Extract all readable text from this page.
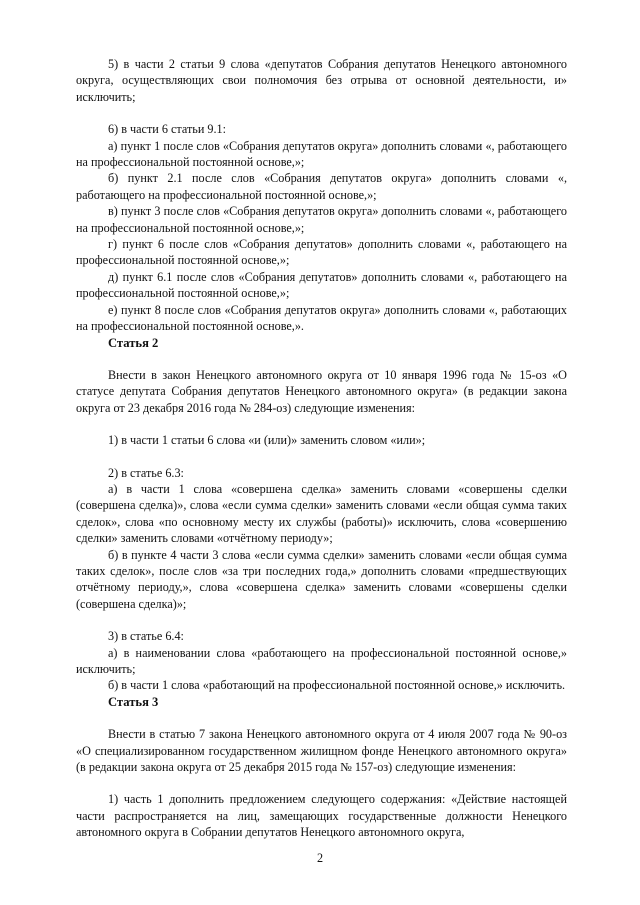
5) в части 2 статьи 9 слова «депутатов Собрания депутатов Ненецкого автономного округа, осуществляющих свои полномочия без отрыва от основной деятельности, и» исключить;

6) в части 6 статьи 9.1:

а) пункт 1 после слов «Собрания депутатов округа» дополнить словами «, работающего на профессиональной постоянной основе,»;

б) пункт 2.1 после слов «Собрания депутатов округа» дополнить словами «, работающего на профессиональной постоянной основе,»;

в) пункт 3 после слов «Собрания депутатов округа» дополнить словами «, работающего на профессиональной постоянной основе,»;

г) пункт 6 после слов «Собрания депутатов» дополнить словами «, работающего на профессиональной постоянной основе,»;

д) пункт 6.1 после слов «Собрания депутатов» дополнить словами «, работающего на профессиональной постоянной основе,»;

е) пункт 8 после слов «Собрания депутатов округа» дополнить словами «, работающих на профессиональной постоянной основе,».

Статья 2

Внести в закон Ненецкого автономного округа от 10 января 1996 года № 15-оз «О статусе депутата Собрания депутатов Ненецкого автономного округа» (в редакции закона округа от 23 декабря 2016 года № 284-оз) следующие изменения:

1) в части 1 статьи 6 слова «и (или)» заменить словом «или»;

2) в статье 6.3:

а) в части 1 слова «совершена сделка» заменить словами «совершены сделки (совершена сделка)», слова «если сумма сделки» заменить словами «если общая сумма таких сделок», слова «по основному месту их службы (работы)» исключить, слова «совершению сделки» заменить словами «отчётному периоду»;

б) в пункте 4 части 3 слова «если сумма сделки» заменить словами «если общая сумма таких сделок», после слов «за три последних года,» дополнить словами «предшествующих отчётному периоду,», слова «совершена сделка» заменить словами «совершены сделки (совершена сделка)»;

3) в статье 6.4:

а) в наименовании слова «работающего на профессиональной постоянной основе,» исключить;

б) в части 1 слова «работающий на профессиональной постоянной основе,» исключить.

Статья 3

Внести в статью 7 закона Ненецкого автономного округа от 4 июля 2007 года № 90-оз «О специализированном государственном жилищном фонде Ненецкого автономного округа» (в редакции закона округа от 25 декабря 2015 года № 157-оз) следующие изменения:

1) часть 1 дополнить предложением следующего содержания: «Действие настоящей части распространяется на лиц, замещающих государственные должности Ненецкого автономного округа в Собрании депутатов Ненецкого автономного округа,

2
